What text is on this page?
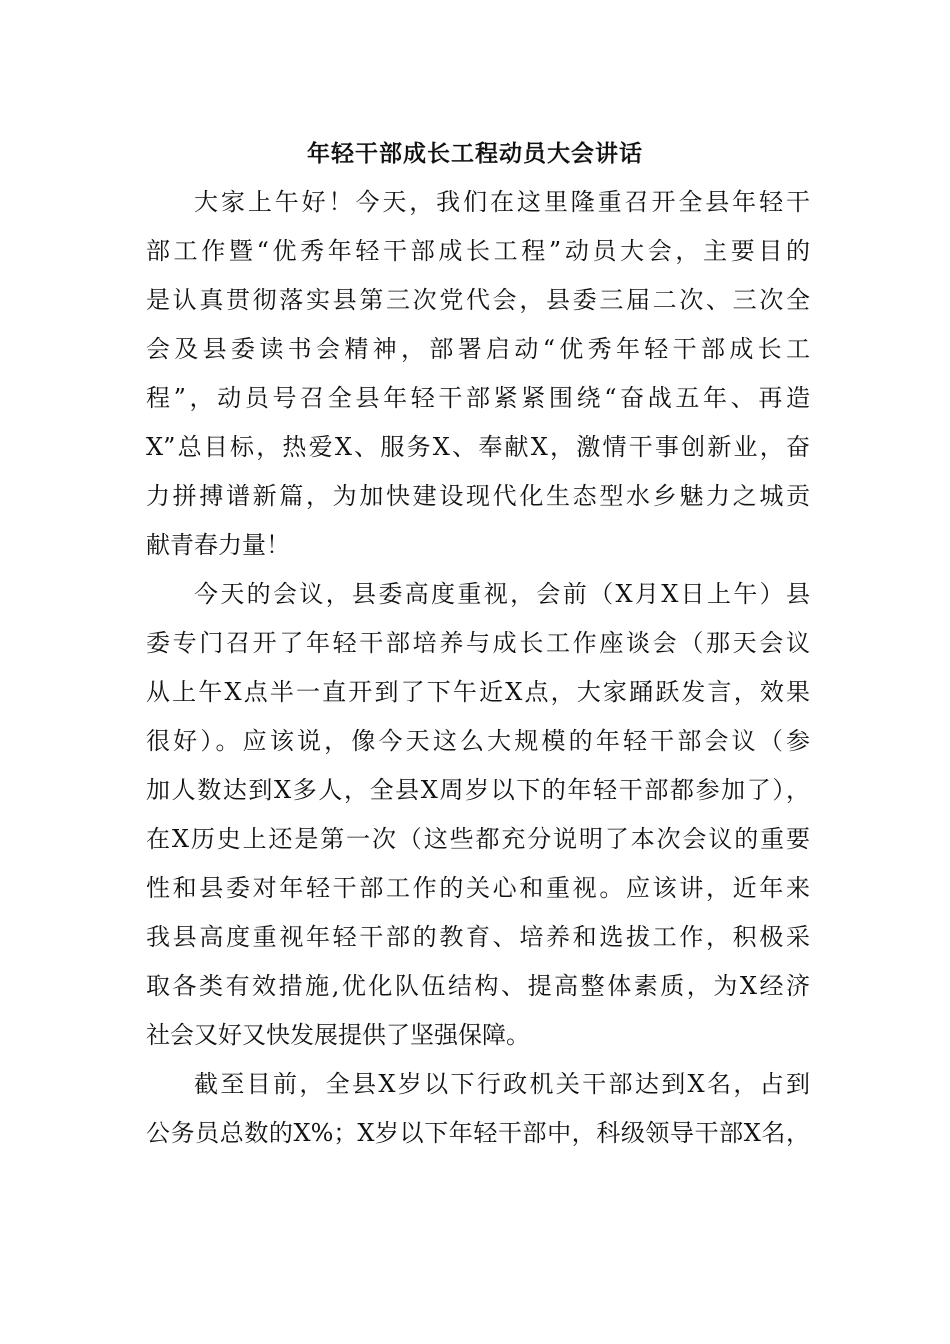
年轻干部成长工程动员大会讲话

大家上午好！今天，我们在这里隆重召开全县年轻干
部工作暨“优秀年轻干部成长工程”动员大会，主要目的
是认真贯彻落实县第三次党代会，县委三届二次、三次全
会及县委读书会精神，部署启动“优秀年轻干部成长工
程”，动员号召全县年轻干部紧紧围绕“奋战五年、再造
X”总目标，热爱X、服务X、奉献X，激情干事创新业，奋
力拼搏谱新篇，为加快建设现代化生态型水乡魅力之城贡
献青春力量！

今天的会议，县委高度重视，会前（X月X日上午）县
委专门召开了年轻干部培养与成长工作座谈会（那天会议
从上午X点半一直开到了下午近X点，大家踊跃发言，效果
很好）。应该说，像今天这么大规模的年轻干部会议（参
加人数达到X多人，全县X周岁以下的年轻干部都参加了），
在X历史上还是第一次（这些都充分说明了本次会议的重要
性和县委对年轻干部工作的关心和重视。应该讲，近年来
我县高度重视年轻干部的教育、培养和选拔工作，积极采
取各类有效措施,优化队伍结构、提高整体素质，为X经济
社会又好又快发展提供了坚强保障。

截至目前，全县X岁以下行政机关干部达到X名，占到
公务员总数的X%；X岁以下年轻干部中，科级领导干部X名，
